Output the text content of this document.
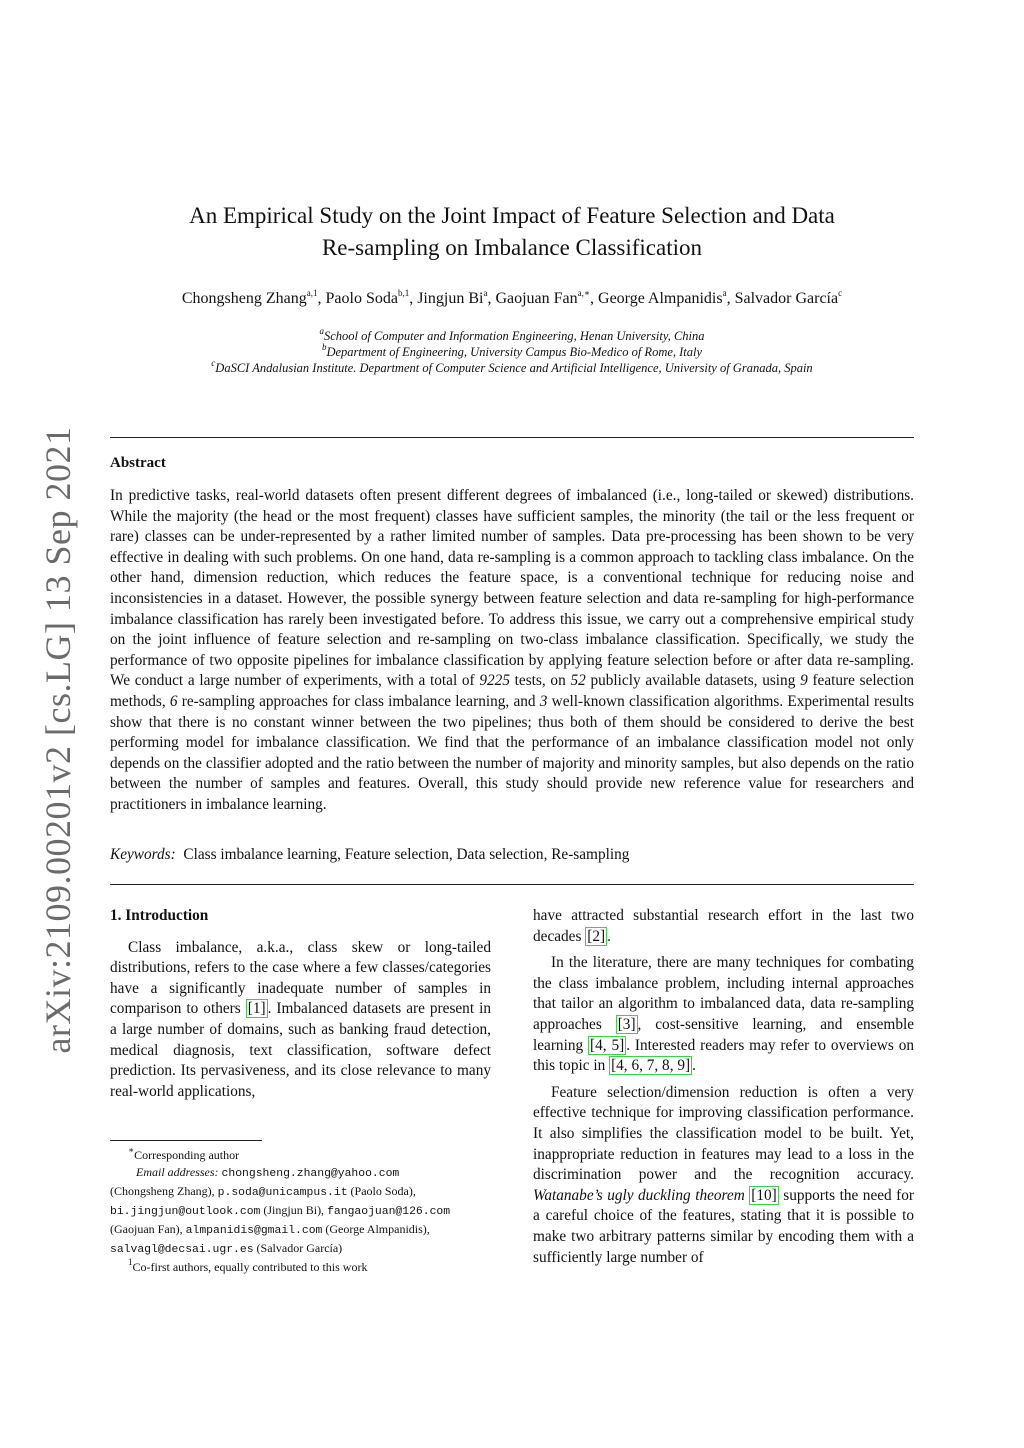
arXiv:2109.00201v2 [cs.LG] 13 Sep 2021
An Empirical Study on the Joint Impact of Feature Selection and Data
Re-sampling on Imbalance Classification
Chongsheng Zhang$^{a,1}$, Paolo Soda$^{b,1}$, Jingjun Bi$^a$, Gaojuan Fan$^{a,∗}$, George Almpanidis$^a$, Salvador García$^c$
$^a$School of Computer and Information Engineering, Henan University, China
$^b$Department of Engineering, University Campus Bio-Medico of Rome, Italy
$^c$DaSCI Andalusian Institute. Department of Computer Science and Artificial Intelligence, University of Granada, Spain
Abstract
In predictive tasks, real-world datasets often present different degrees of imbalanced (i.e., long-tailed or skewed) distributions. While the majority (the head or the most frequent) classes have sufficient samples, the minority (the tail or the less frequent or rare) classes can be under-represented by a rather limited number of samples. Data pre-processing has been shown to be very effective in dealing with such problems. On one hand, data re-sampling is a common approach to tackling class imbalance. On the other hand, dimension reduction, which reduces the feature space, is a conventional technique for reducing noise and inconsistencies in a dataset. However, the possible synergy between feature selection and data re-sampling for high-performance imbalance classification has rarely been investigated before. To address this issue, we carry out a comprehensive empirical study on the joint influence of feature selection and re-sampling on two-class imbalance classification. Specifically, we study the performance of two opposite pipelines for imbalance classification by applying feature selection before or after data re-sampling. We conduct a large number of experiments, with a total of 9225 tests, on 52 publicly available datasets, using 9 feature selection methods, 6 re-sampling approaches for class imbalance learning, and 3 well-known classification algorithms. Experimental results show that there is no constant winner between the two pipelines; thus both of them should be considered to derive the best performing model for imbalance classification. We find that the performance of an imbalance classification model not only depends on the classifier adopted and the ratio between the number of majority and minority samples, but also depends on the ratio between the number of samples and features. Overall, this study should provide new reference value for researchers and practitioners in imbalance learning.
Keywords: Class imbalance learning, Feature selection, Data selection, Re-sampling

1. Introduction

Class imbalance, a.k.a., class skew or long-tailed distributions, refers to the case where a few classes/categories have a significantly inadequate number of samples in comparison to others [1] . Imbalanced datasets are present in a large number of domains, such as banking fraud detection, medical diagnosis, text classification, software defect prediction. Its pervasiveness, and its close relevance to many real-world applications,

have attracted substantial research effort in the last two decades [2] .

In the literature, there are many techniques for combating the class imbalance problem, including internal approaches that tailor an algorithm to imbalanced data, data re-sampling approaches [3] , cost-sensitive learning, and ensemble learning [4, 5] . Interested readers may refer to overviews on this topic in [4, 6, 7, 8, 9] .

Feature selection/dimension reduction is often a very effective technique for improving classification performance. It also simplifies the classification model to be built. Yet, inappropriate reduction in features may lead to a loss in the discrimination power and the recognition accuracy. Watanabe’s ugly duckling theorem [10] supports the need for a careful choice of the features, stating that it is possible to make two arbitrary patterns similar by encoding them with a sufficiently large number of

∗Corresponding author

Email addresses: chongsheng.zhang@yahoo.com
(Chongsheng Zhang), p.soda@unicampus.it (Paolo Soda),
bi.jingjun@outlook.com (Jingjun Bi), fangaojuan@126.com
(Gaojuan Fan), almpanidis@gmail.com (George Almpanidis),
salvagl@decsai.ugr.es (Salvador García)

$^1$Co-first authors, equally contributed to this work
